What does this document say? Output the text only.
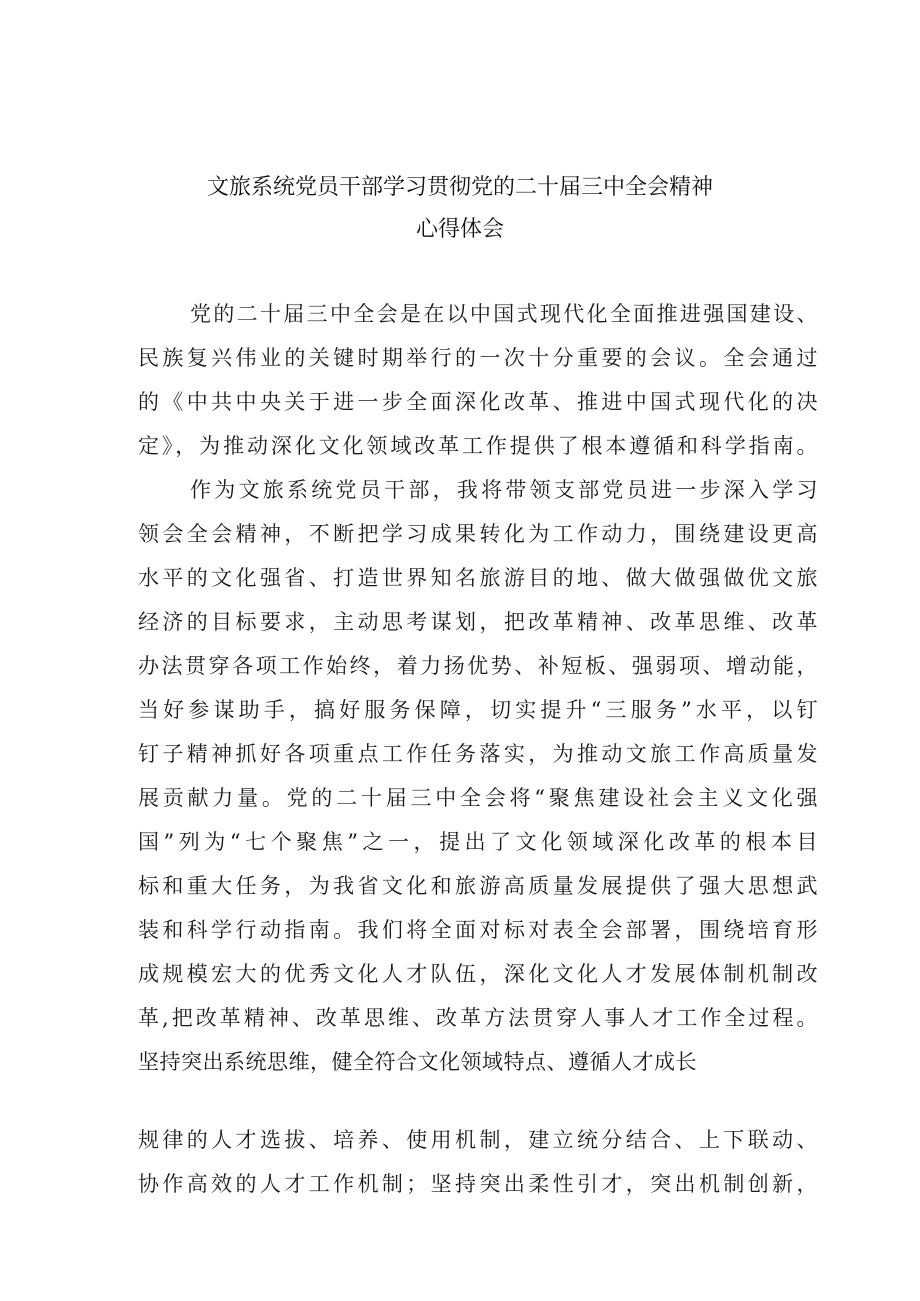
文旅系统党员干部学习贯彻党的二十届三中全会精神
心得体会
党的二十届三中全会是在以中国式现代化全面推进强国建设、
民族复兴伟业的关键时期举行的一次十分重要的会议。全会通过
的《中共中央关于进一步全面深化改革、推进中国式现代化的决
定》，为推动深化文化领域改革工作提供了根本遵循和科学指南。
作为文旅系统党员干部，我将带领支部党员进一步深入学习
领会全会精神，不断把学习成果转化为工作动力，围绕建设更高
水平的文化强省、打造世界知名旅游目的地、做大做强做优文旅
经济的目标要求，主动思考谋划，把改革精神、改革思维、改革
办法贯穿各项工作始终，着力扬优势、补短板、强弱项、增动能，
当好参谋助手，搞好服务保障，切实提升“三服务”水平，以钉
钉子精神抓好各项重点工作任务落实，为推动文旅工作高质量发
展贡献力量。党的二十届三中全会将“聚焦建设社会主义文化强
国”列为“七个聚焦”之一，提出了文化领域深化改革的根本目
标和重大任务，为我省文化和旅游高质量发展提供了强大思想武
装和科学行动指南。我们将全面对标对表全会部署，围绕培育形
成规模宏大的优秀文化人才队伍，深化文化人才发展体制机制改
革,把改革精神、改革思维、改革方法贯穿人事人才工作全过程。
坚持突出系统思维，健全符合文化领域特点、遵循人才成长
规律的人才选拔、培养、使用机制，建立统分结合、上下联动、
协作高效的人才工作机制；坚持突出柔性引才，突出机制创新，
